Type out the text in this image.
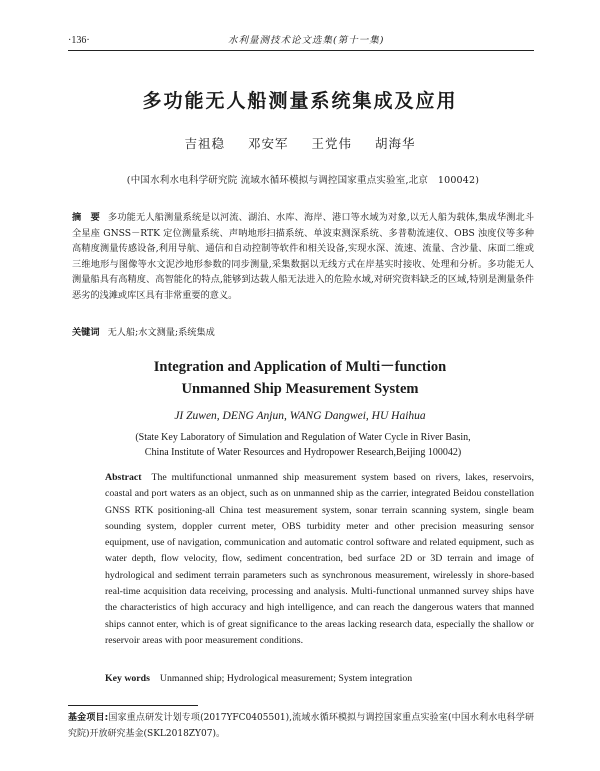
·136·	水利量测技术论文选集(第十一集)
多功能无人船测量系统集成及应用
吉祖稳 邓安军 王党伟 胡海华
(中国水利水电科学研究院 流域水循环模拟与调控国家重点实验室,北京　100042)
摘　要 多功能无人船测量系统是以河流、湖泊、水库、海岸、港口等水域为对象,以无人船为载体,集成华测北斗全星座 GNSS－RTK 定位测量系统、声呐地形扫描系统、单波束测深系统、多普勒流速仪、OBS 浊度仪等多种高精度测量传感设备,利用导航、通信和自动控制等软件和相关设备,实现水深、流速、流量、含沙量、床面二维或三维地形与图像等水文泥沙地形参数的同步测量,采集数据以无线方式在岸基实时接收、处理和分析。多功能无人测量船具有高精度、高智能化的特点,能够到达载人船无法进入的危险水域,对研究资料缺乏的区域,特别是测量条件恶劣的浅滩或库区具有非常重要的意义。
关键词 无人船;水文测量;系统集成
Integration and Application of Multi－function
Unmanned Ship Measurement System
JI Zuwen, DENG Anjun, WANG Dangwei, HU Haihua
(State Key Laboratory of Simulation and Regulation of Water Cycle in River Basin,
China Institute of Water Resources and Hydropower Research,Beijing 100042)
Abstract The multifunctional unmanned ship measurement system based on rivers, lakes, reservoirs, coastal and port waters as an object, such as on unmanned ship as the carrier, integrated Beidou constellation GNSS RTK positioning-all China test measurement system, sonar terrain scanning system, single beam sounding system, doppler current meter, OBS turbidity meter and other precision measuring sensor equipment, use of navigation, communication and automatic control software and related equipment, such as water depth, flow velocity, flow, sediment concentration, bed surface 2D or 3D terrain and image of hydrological and sediment terrain parameters such as synchronous measurement, wirelessly in shore-based real-time acquisition data receiving, processing and analysis. Multi-functional unmanned survey ships have the characteristics of high accuracy and high intelligence, and can reach the dangerous waters that manned ships cannot enter, which is of great significance to the areas lacking research data, especially the shallow or reservoir areas with poor measurement conditions.
Key words Unmanned ship; Hydrological measurement; System integration
基金项目:国家重点研发计划专项(2017YFC0405501),流域水循环模拟与调控国家重点实验室(中国水利水电科学研究院)开放研究基金(SKL2018ZY07)。
